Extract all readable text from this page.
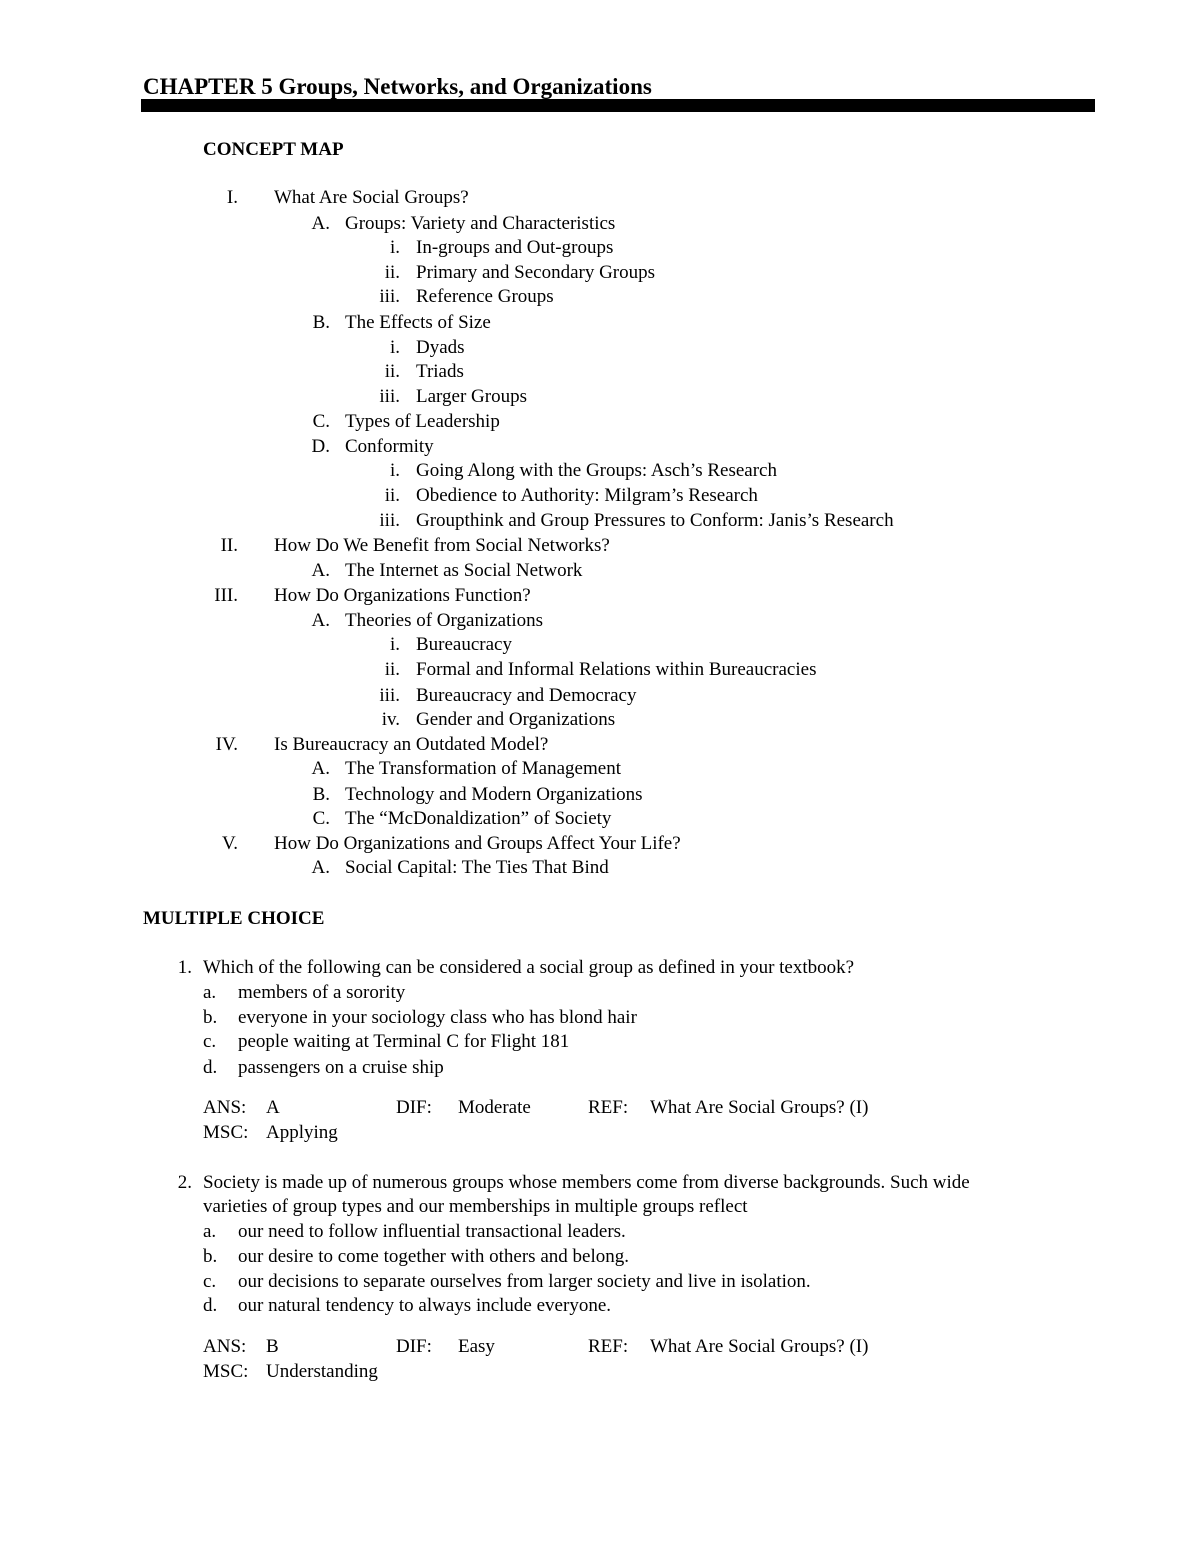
CHAPTER 5 Groups, Networks, and Organizations
CONCEPT MAP
I. What Are Social Groups?
A. Groups: Variety and Characteristics
i. In-groups and Out-groups
ii. Primary and Secondary Groups
iii. Reference Groups
B. The Effects of Size
i. Dyads
ii. Triads
iii. Larger Groups
C. Types of Leadership
D. Conformity
i. Going Along with the Groups: Asch’s Research
ii. Obedience to Authority: Milgram’s Research
iii. Groupthink and Group Pressures to Conform: Janis’s Research
II. How Do We Benefit from Social Networks?
A. The Internet as Social Network
III. How Do Organizations Function?
A. Theories of Organizations
i. Bureaucracy
ii. Formal and Informal Relations within Bureaucracies
iii. Bureaucracy and Democracy
iv. Gender and Organizations
IV. Is Bureaucracy an Outdated Model?
A. The Transformation of Management
B. Technology and Modern Organizations
C. The “McDonaldization” of Society
V. How Do Organizations and Groups Affect Your Life?
A. Social Capital: The Ties That Bind
MULTIPLE CHOICE
1. Which of the following can be considered a social group as defined in your textbook?
a. members of a sorority
b. everyone in your sociology class who has blond hair
c. people waiting at Terminal C for Flight 181
d. passengers on a cruise ship
ANS: A	DIF: Moderate	REF: What Are Social Groups? (I)
MSC: Applying
2. Society is made up of numerous groups whose members come from diverse backgrounds. Such wide
varieties of group types and our memberships in multiple groups reflect
a. our need to follow influential transactional leaders.
b. our desire to come together with others and belong.
c. our decisions to separate ourselves from larger society and live in isolation.
d. our natural tendency to always include everyone.
ANS: B	DIF: Easy	REF: What Are Social Groups? (I)
MSC: Understanding
